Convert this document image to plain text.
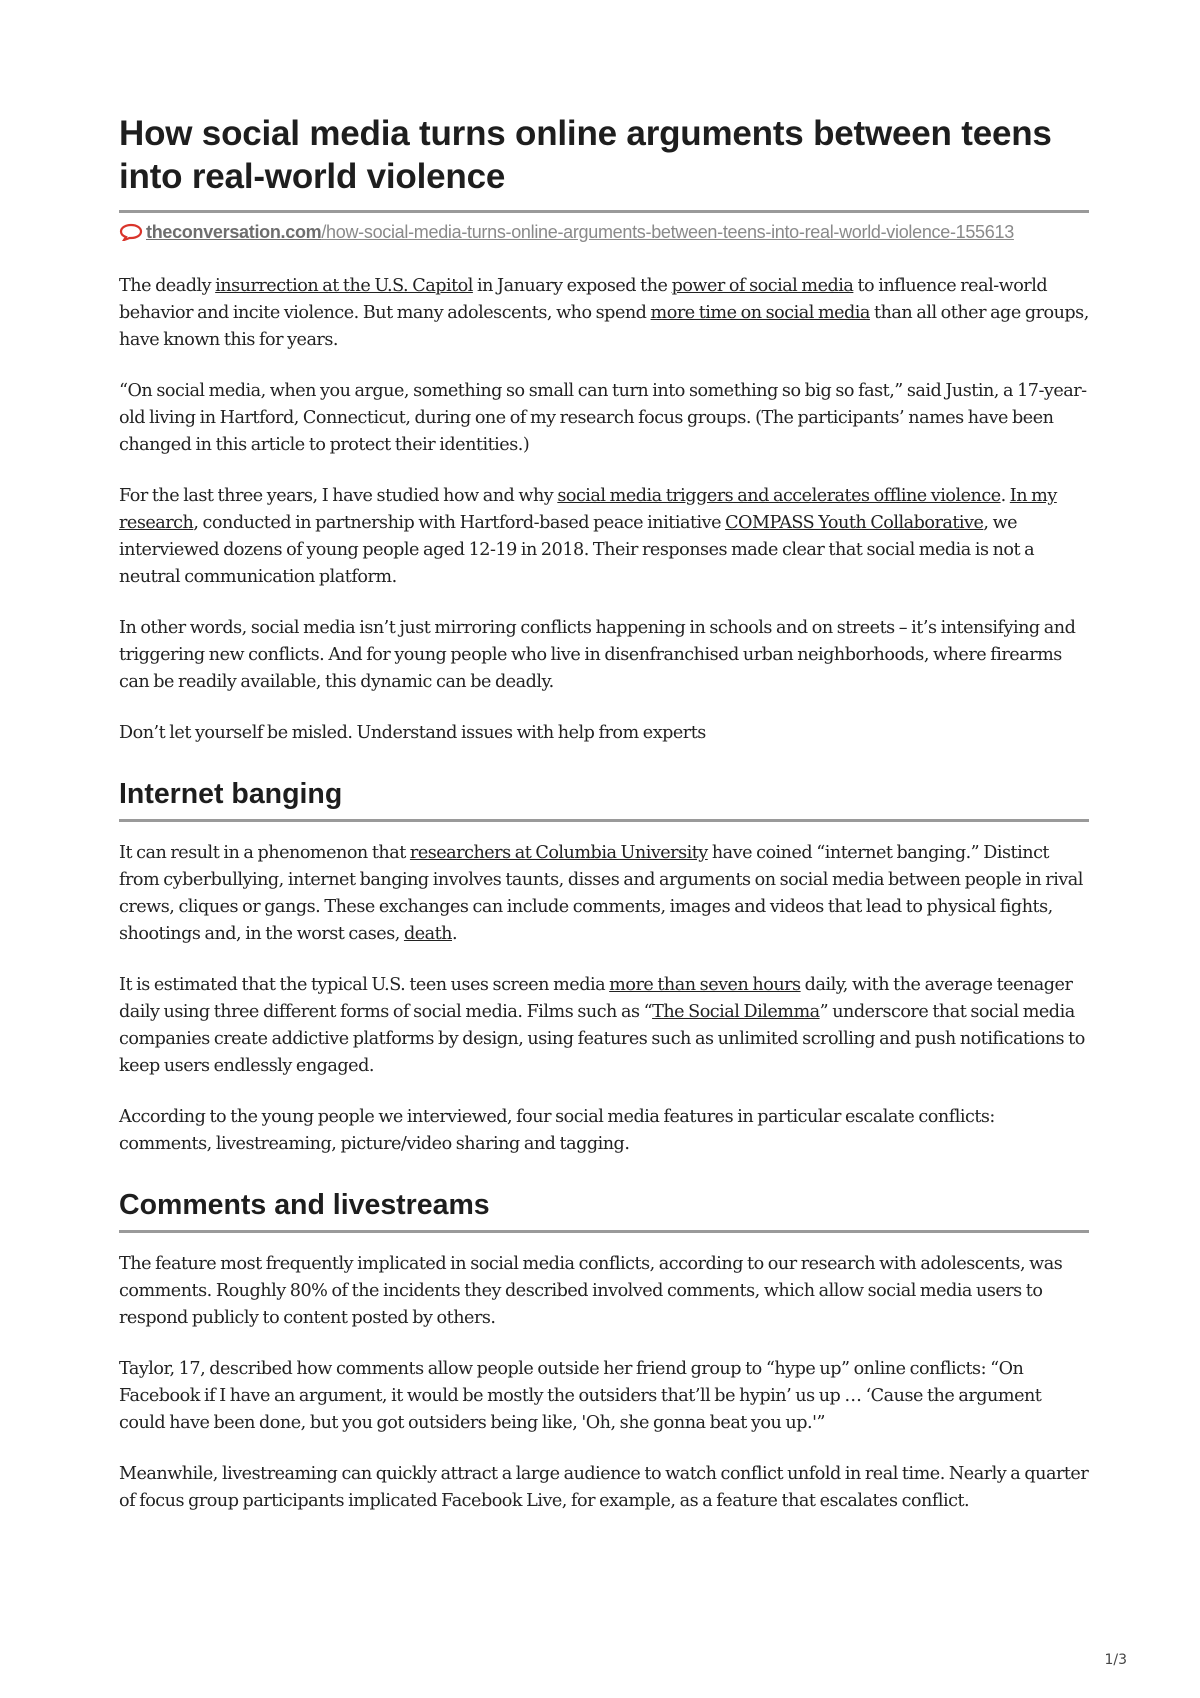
How social media turns online arguments between teens into real-world violence
theconversation.com/how-social-media-turns-online-arguments-between-teens-into-real-world-violence-155613

The deadly insurrection at the U.S. Capitol in January exposed the power of social media to influence real-world behavior and incite violence. But many adolescents, who spend more time on social media than all other age groups, have known this for years.

“On social media, when you argue, something so small can turn into something so big so fast,” said Justin, a 17-year-old living in Hartford, Connecticut, during one of my research focus groups. (The participants’ names have been changed in this article to protect their identities.)

For the last three years, I have studied how and why social media triggers and accelerates offline violence. In my research, conducted in partnership with Hartford-based peace initiative COMPASS Youth Collaborative, we interviewed dozens of young people aged 12-19 in 2018. Their responses made clear that social media is not a neutral communication platform.

In other words, social media isn’t just mirroring conflicts happening in schools and on streets – it’s intensifying and triggering new conflicts. And for young people who live in disenfranchised urban neighborhoods, where firearms can be readily available, this dynamic can be deadly.

Don’t let yourself be misled. Understand issues with help from experts

Internet banging

It can result in a phenomenon that researchers at Columbia University have coined “internet banging.” Distinct from cyberbullying, internet banging involves taunts, disses and arguments on social media between people in rival crews, cliques or gangs. These exchanges can include comments, images and videos that lead to physical fights, shootings and, in the worst cases, death.

It is estimated that the typical U.S. teen uses screen media more than seven hours daily, with the average teenager daily using three different forms of social media. Films such as “The Social Dilemma” underscore that social media companies create addictive platforms by design, using features such as unlimited scrolling and push notifications to keep users endlessly engaged.

According to the young people we interviewed, four social media features in particular escalate conflicts: comments, livestreaming, picture/video sharing and tagging.

Comments and livestreams

The feature most frequently implicated in social media conflicts, according to our research with adolescents, was comments. Roughly 80% of the incidents they described involved comments, which allow social media users to respond publicly to content posted by others.

Taylor, 17, described how comments allow people outside her friend group to “hype up” online conflicts: “On Facebook if I have an argument, it would be mostly the outsiders that’ll be hypin’ us up … ‘Cause the argument could have been done, but you got outsiders being like, 'Oh, she gonna beat you up.'”

Meanwhile, livestreaming can quickly attract a large audience to watch conflict unfold in real time. Nearly a quarter of focus group participants implicated Facebook Live, for example, as a feature that escalates conflict.

1/3
